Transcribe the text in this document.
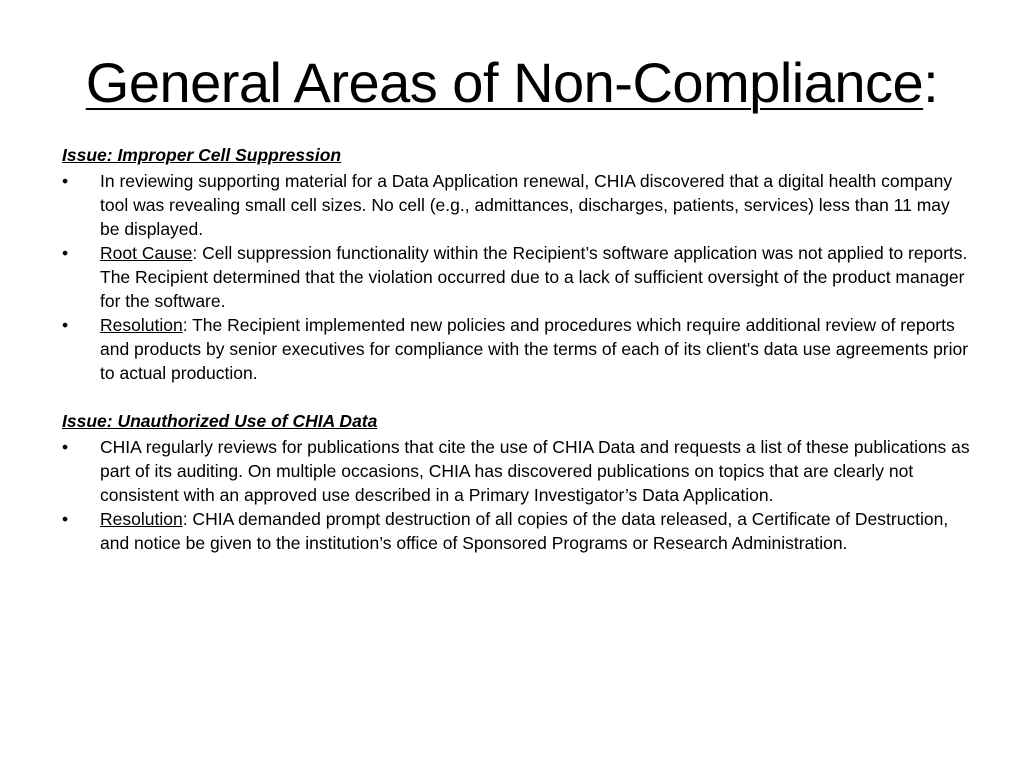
General Areas of Non-Compliance:

Issue: Improper Cell Suppression

•	In reviewing supporting material for a Data Application renewal, CHIA discovered that a digital health company tool was revealing small cell sizes. No cell (e.g., admittances, discharges, patients, services) less than 11 may be displayed.
•	Root Cause: Cell suppression functionality within the Recipient’s software application was not applied to reports. The Recipient determined that the violation occurred due to a lack of sufficient oversight of the product manager for the software.
•	Resolution: The Recipient implemented new policies and procedures which require additional review of reports and products by senior executives for compliance with the terms of each of its client's data use agreements prior to actual production.

Issue: Unauthorized Use of CHIA Data

•	CHIA regularly reviews for publications that cite the use of CHIA Data and requests a list of these publications as part of its auditing. On multiple occasions, CHIA has discovered publications on topics that are clearly not consistent with an approved use described in a Primary Investigator’s Data Application.
•	Resolution: CHIA demanded prompt destruction of all copies of the data released, a Certificate of Destruction, and notice be given to the institution’s office of Sponsored Programs or Research Administration.
